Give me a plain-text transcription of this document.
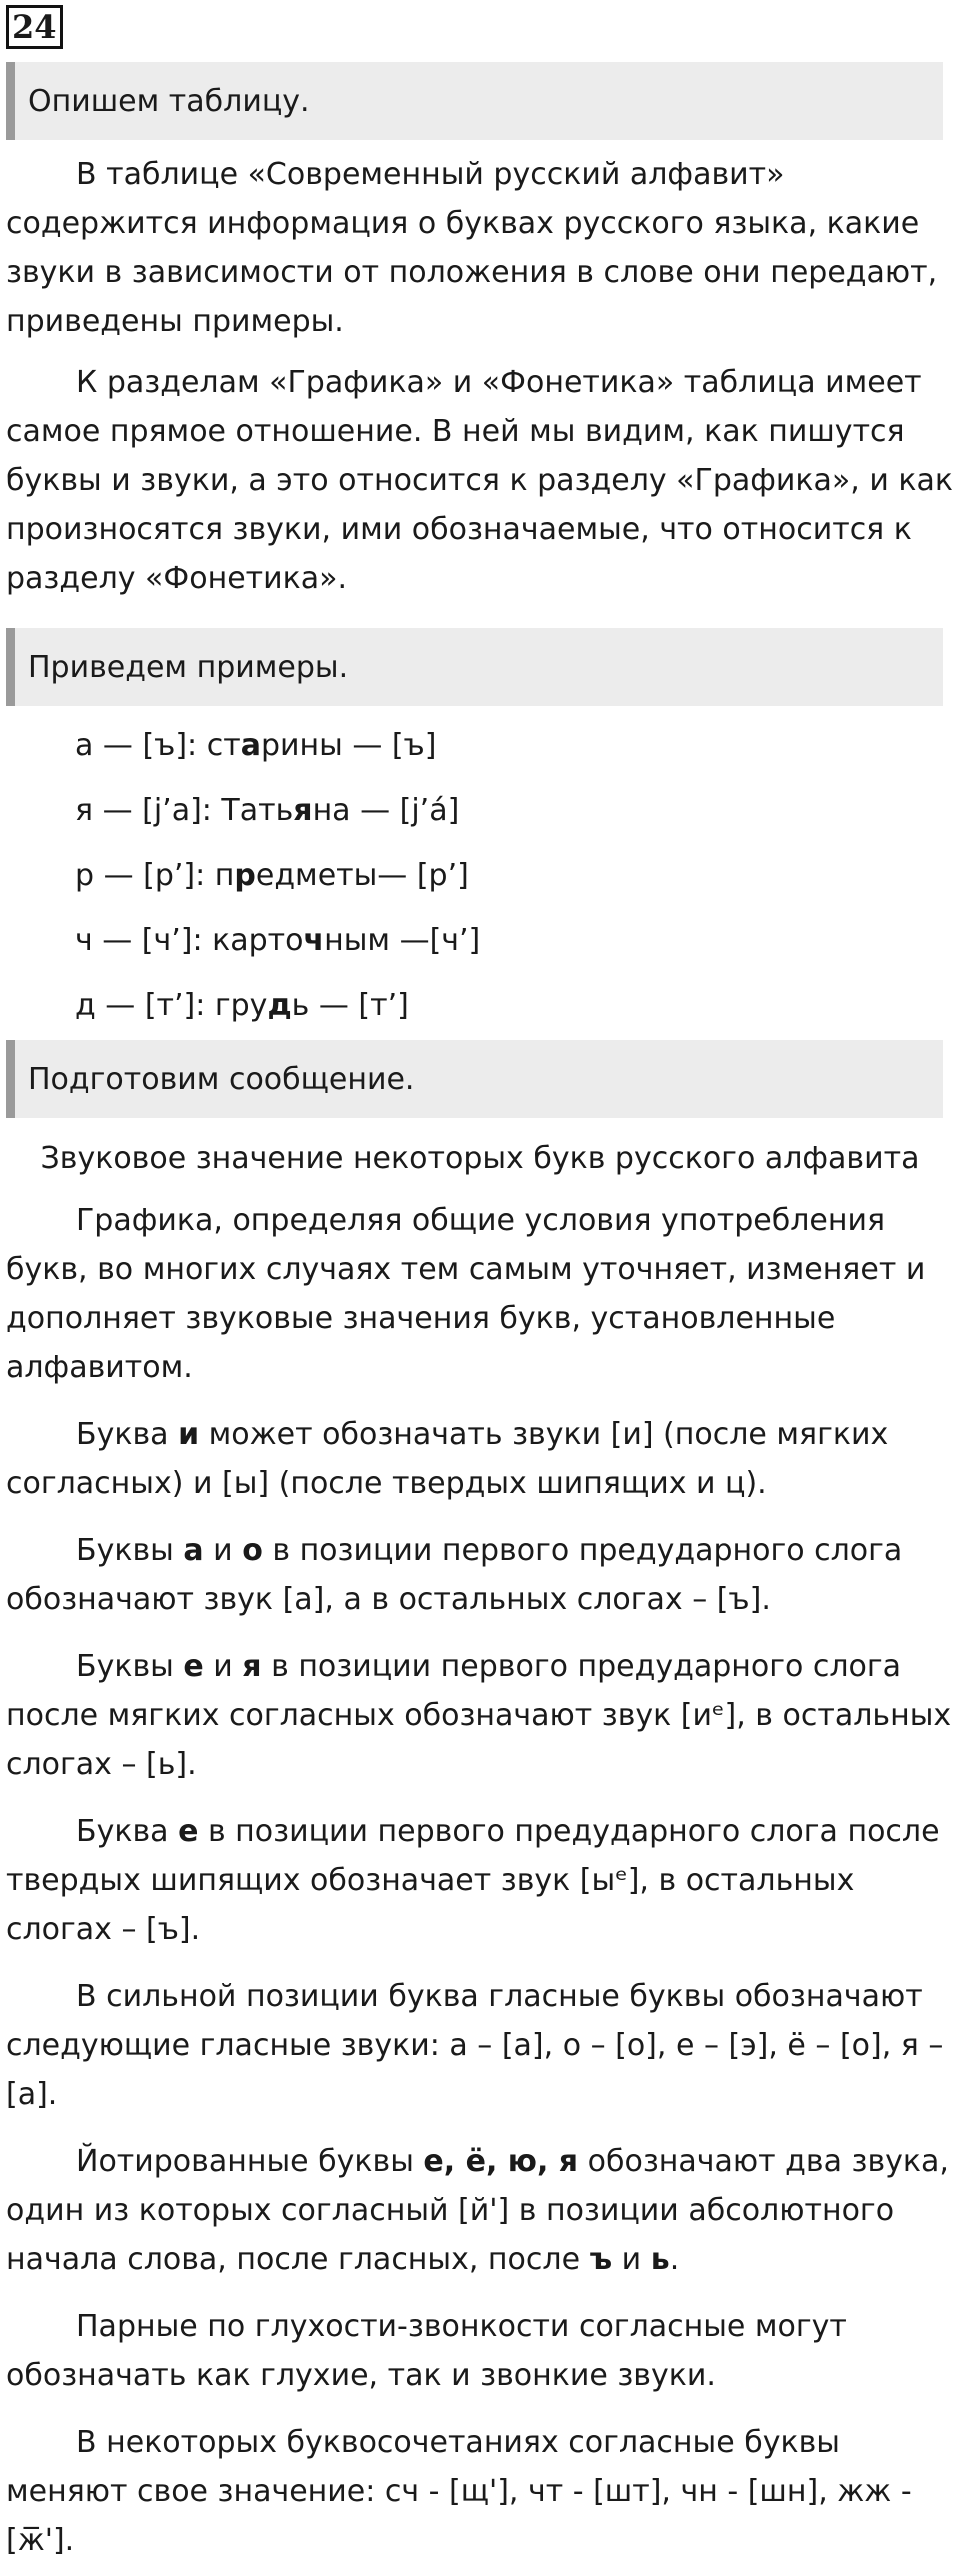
24
Опишем таблицу.

В таблице «Современный русский алфавит» содержится информация о буквах русского языка, какие звуки в зависимости от положения в слове они передают, приведены примеры.

К разделам «Графика» и «Фонетика» таблица имеет самое прямое отношение. В ней мы видим, как пишутся буквы и звуки, а это относится к разделу «Графика», и как произносятся звуки, ими обозначаемые, что относится к разделу «Фонетика».

Приведем примеры.
а — [ъ]: старины — [ъ]
я — [j’a]: Татьяна — [j’á]
р — [р’]: предметы— [р’]
ч — [ч’]: карточным —[ч’]
д — [т’]: грудь — [т’]
Подготовим сообщение.
Звуковое значение некоторых букв русского алфавита

Графика, определяя общие условия употребления букв, во многих случаях тем самым уточняет, изменяет и дополняет звуковые значения букв, установленные алфавитом.

Буква и может обозначать звуки [и] (после мягких согласных) и [ы] (после твердых шипящих и ц).

Буквы а и о в позиции первого предударного слога обозначают звук [а], а в остальных слогах – [ъ].

Буквы е и я в позиции первого предударного слога после мягких согласных обозначают звук [иᵉ], в остальных слогах – [ь].

Буква е в позиции первого предударного слога после твердых шипящих обозначает звук [ыᵉ], в остальных слогах – [ъ].

В сильной позиции буква гласные буквы обозначают следующие гласные звуки: а – [а], о – [о], е – [э], ё – [о], я – [а].

Йотированные буквы е, ё, ю, я обозначают два звука, один из которых согласный [й'] в позиции абсолютного начала слова, после гласных, после ъ и ь.

Парные по глухости-звонкости согласные могут обозначать как глухие, так и звонкие звуки.

В некоторых буквосочетаниях согласные буквы меняют свое значение: сч - [щ'], чт - [шт], чн - [шн], жж - [ж̅'].
